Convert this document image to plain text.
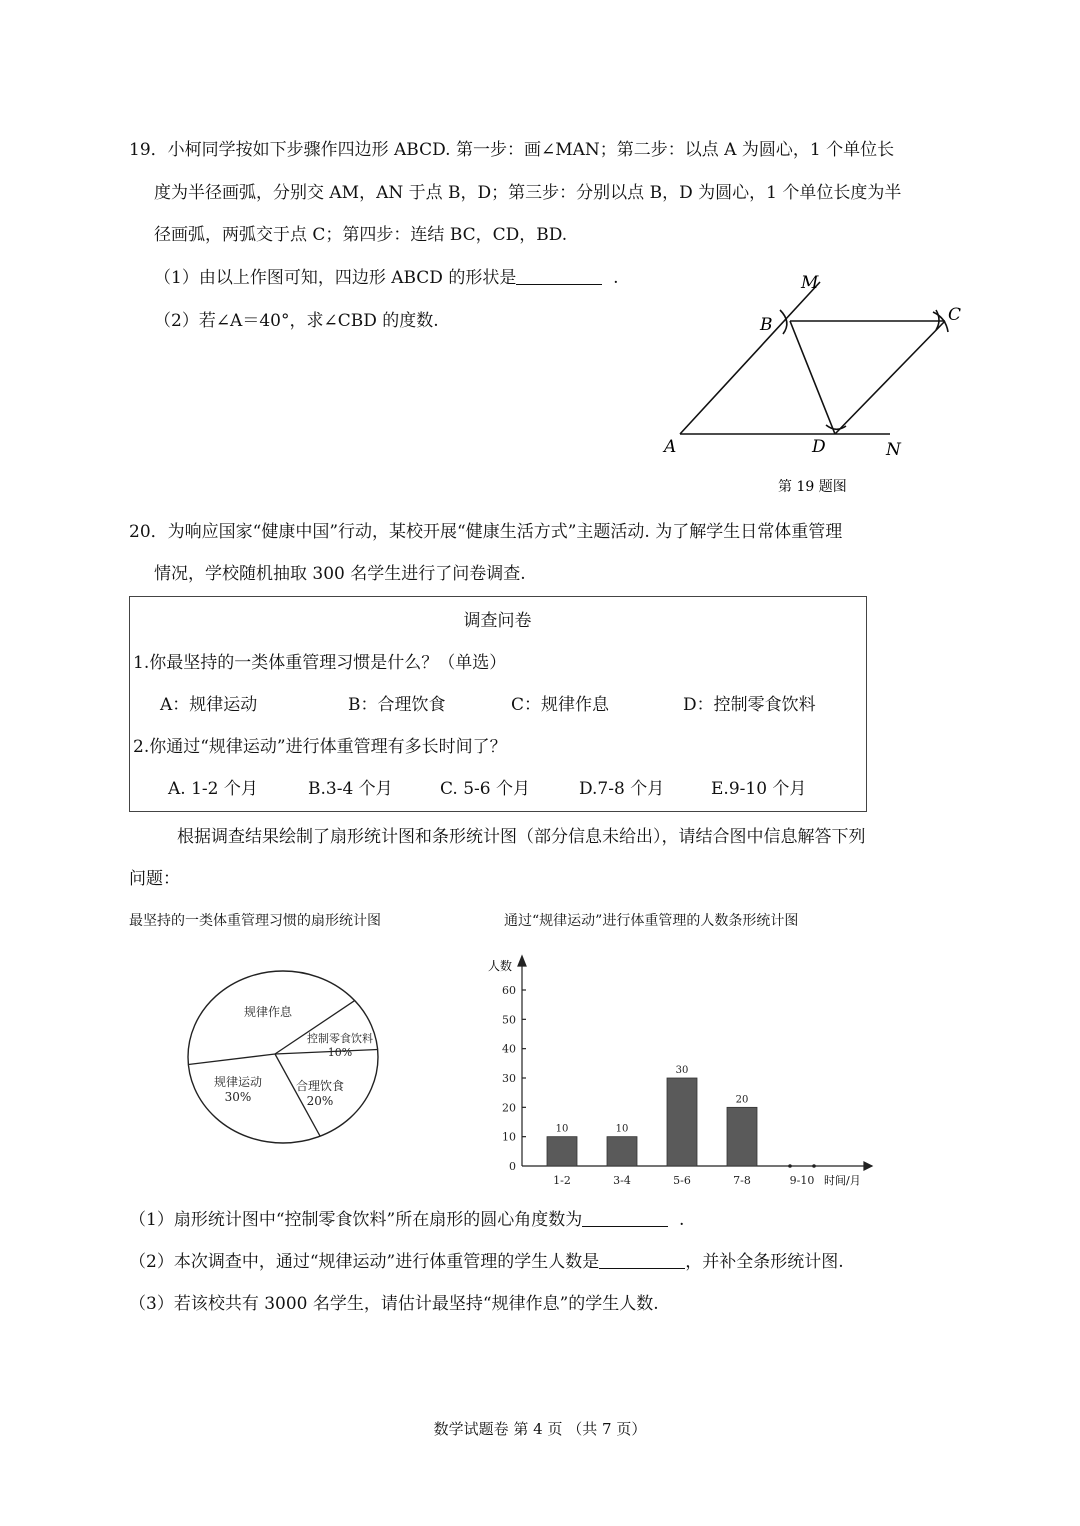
19．小柯同学按如下步骤作四边形 ABCD. 第一步：画∠MAN；第二步：以点 A 为圆心，1 个单位长
度为半径画弧，分别交 AM，AN 于点 B，D；第三步：分别以点 B，D 为圆心，1 个单位长度为半
径画弧，两弧交于点 C；第四步：连结 BC，CD，BD.
（1）由以上作图可知，四边形 ABCD 的形状是	.
（2）若∠A＝40°，求∠CBD 的度数.
M
B	C
A	D	N
第 19 题图
20．为响应国家“健康中国”行动，某校开展“健康生活方式”主题活动. 为了解学生日常体重管理
情况，学校随机抽取 300 名学生进行了问卷调查.
调查问卷
1.你最坚持的一类体重管理习惯是什么？（单选）
A：规律运动	B：合理饮食	C：规律作息	D：控制零食饮料
2.你通过“规律运动”进行体重管理有多长时间了？
A. 1-2 个月	B.3-4 个月	C. 5-6 个月	D.7-8 个月	E.9-10 个月
根据调查结果绘制了扇形统计图和条形统计图（部分信息未给出），请结合图中信息解答下列
问题：
最坚持的一类体重管理习惯的扇形统计图	通过“规律运动”进行体重管理的人数条形统计图
规律作息
控制零食饮料
10%
规律运动
30%
合理饮食
20%
人数
时间/月
0
10
20
30
40
50
60
10	10
30
20
1-2	3-4	5-6	7-8	9-10
（1）扇形统计图中“控制零食饮料”所在扇形的圆心角度数为	.
（2）本次调查中，通过“规律运动”进行体重管理的学生人数是	，并补全条形统计图.
（3）若该校共有 3000 名学生，请估计最坚持“规律作息”的学生人数.
数学试题卷 第 4 页 （共 7 页）
